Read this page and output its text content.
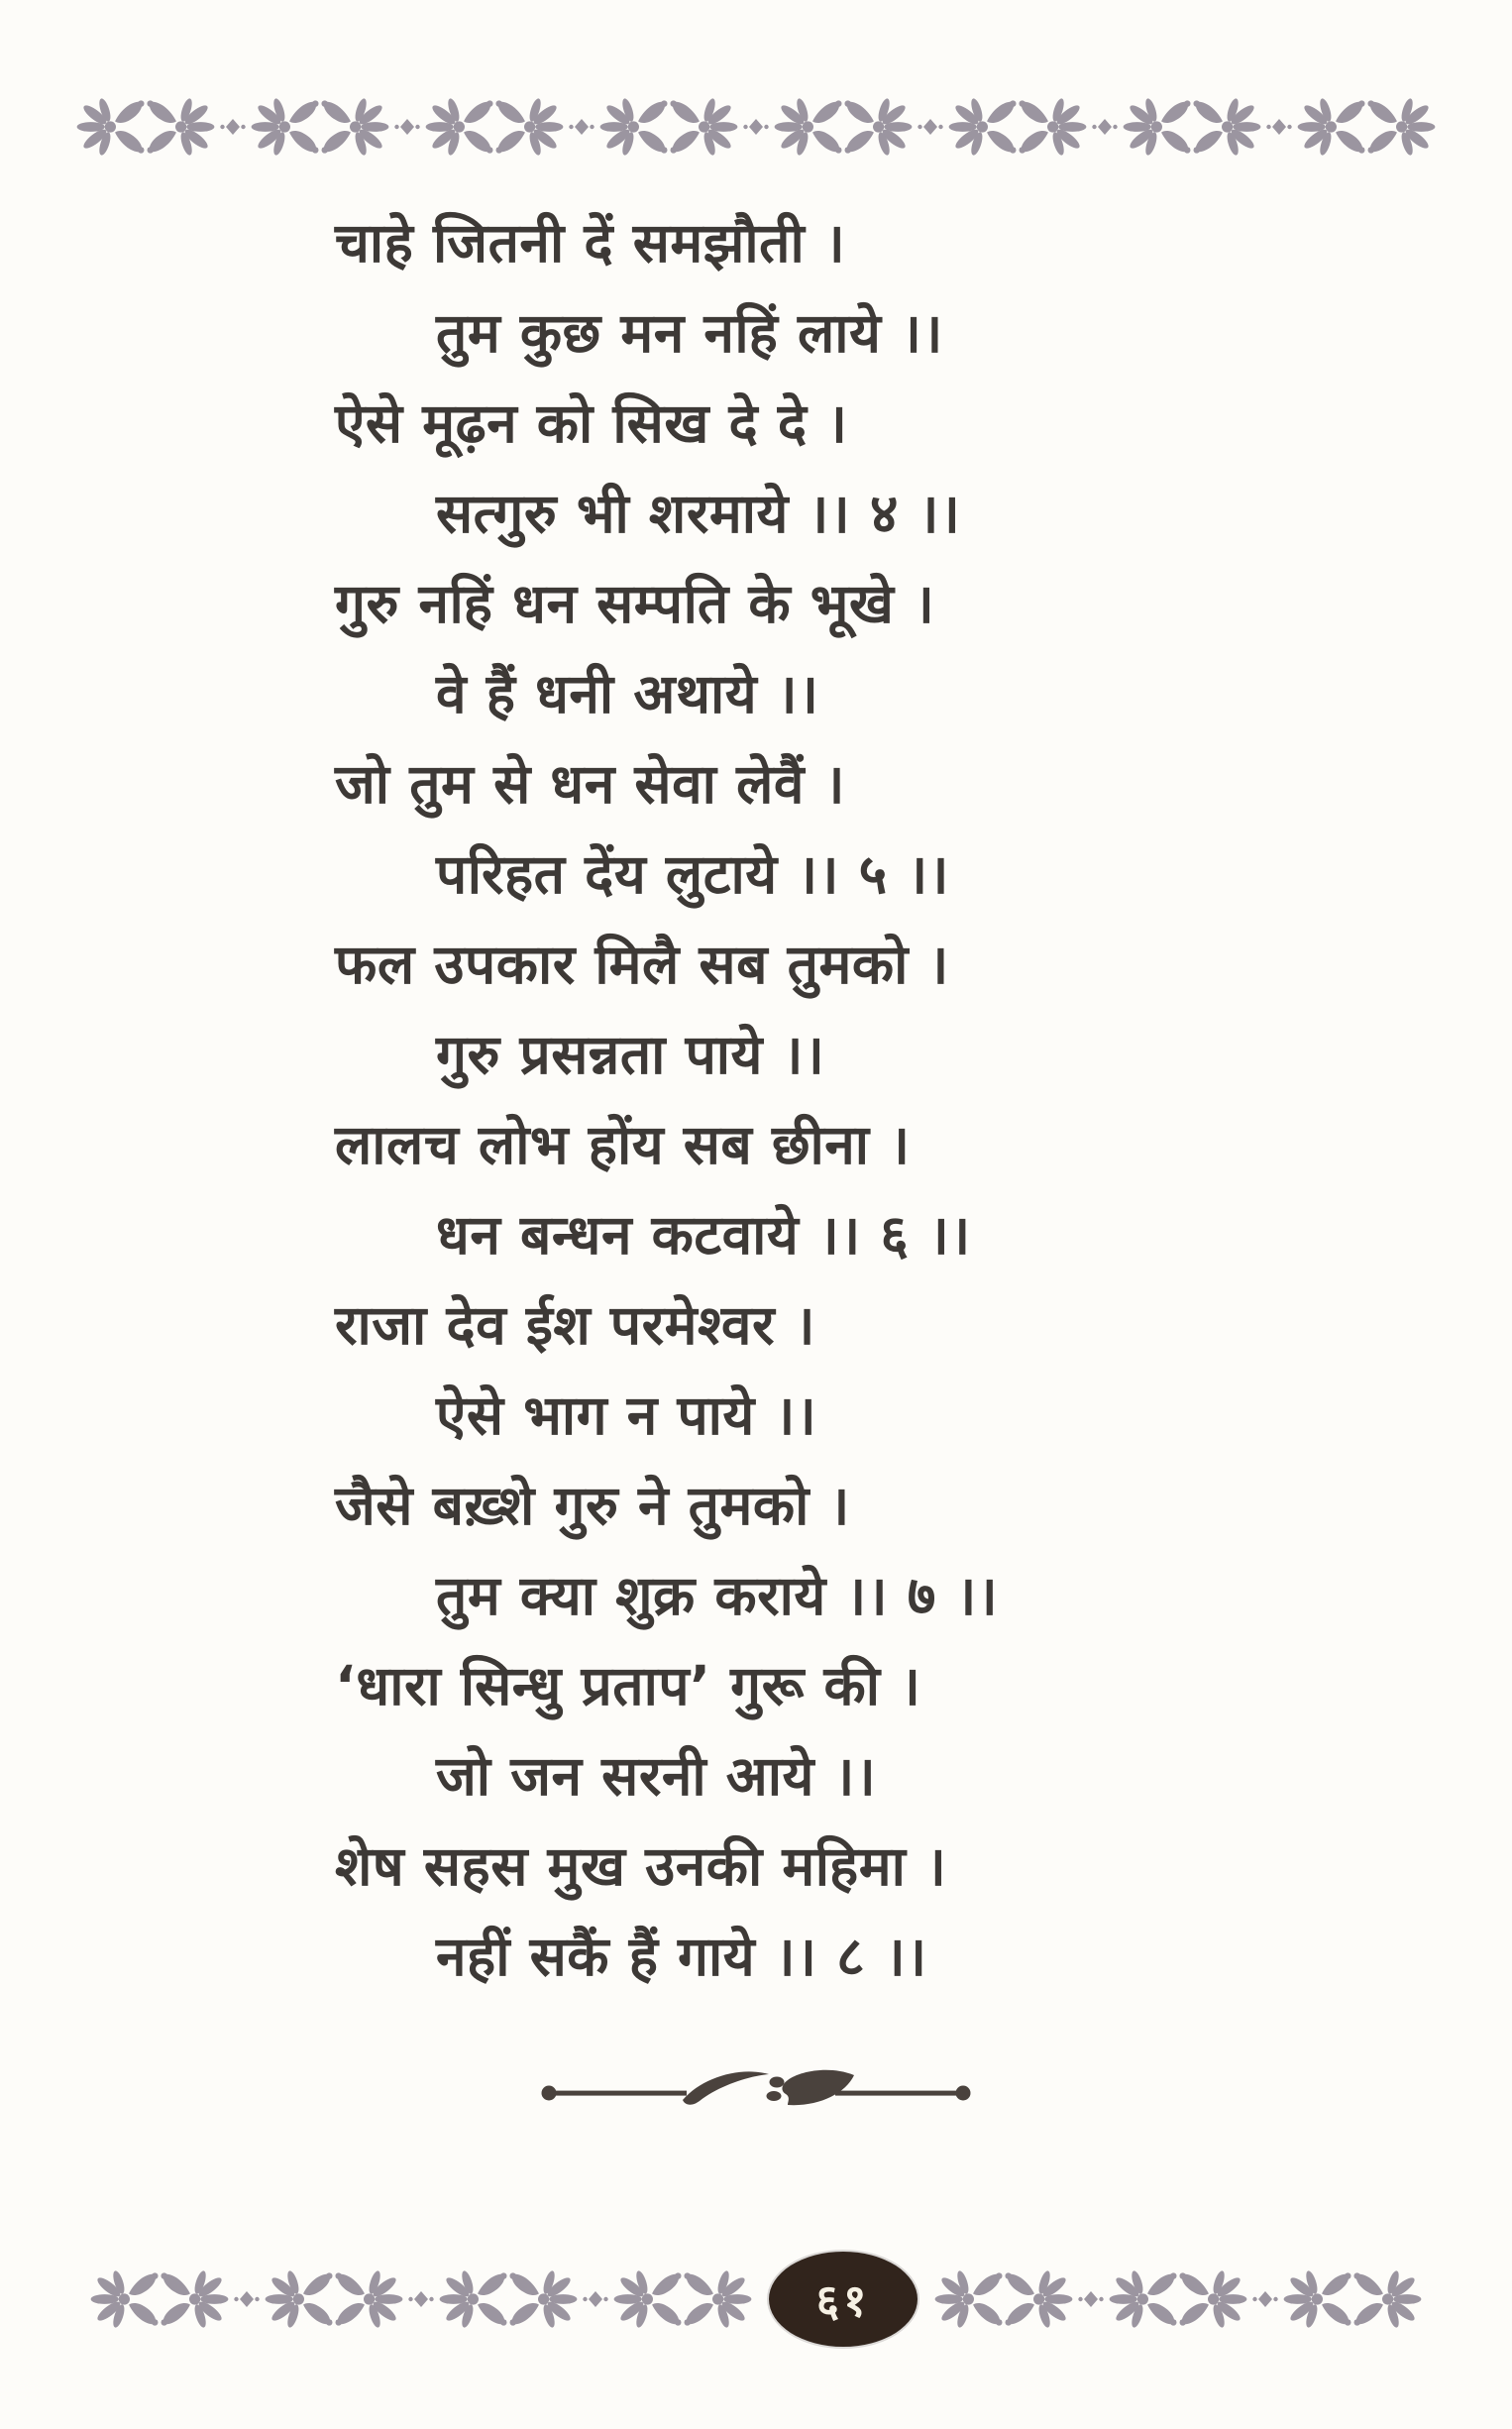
चाहे जितनी दें समझौती ।
तुम कुछ मन नहिं लाये ।।
ऐसे मूढ़न को सिख दे दे ।
सत्गुरु भी शरमाये ।। ४ ।।
गुरु नहिं धन सम्पति के भूखे ।
वे हैं धनी अथाये ।।
जो तुम से धन सेवा लेवैं ।
परिहत देंय लुटाये ।। ५ ।।
फल उपकार मिलै सब तुमको ।
गुरु प्रसन्नता पाये ।।
लालच लोभ होंय सब छीना ।
धन बन्धन कटवाये ।। ६ ।।
राजा देव ईश परमेश्वर ।
ऐसे भाग न पाये ।।
जैसे बख़्शे गुरु ने तुमको ।
तुम क्या शुक्र कराये ।। ७ ।।
‘धारा सिन्धु प्रताप’ गुरू की ।
जो जन सरनी आये ।।
शेष सहस मुख उनकी महिमा ।
नहीं सकैं हैं गाये ।। ८ ।।
६१
